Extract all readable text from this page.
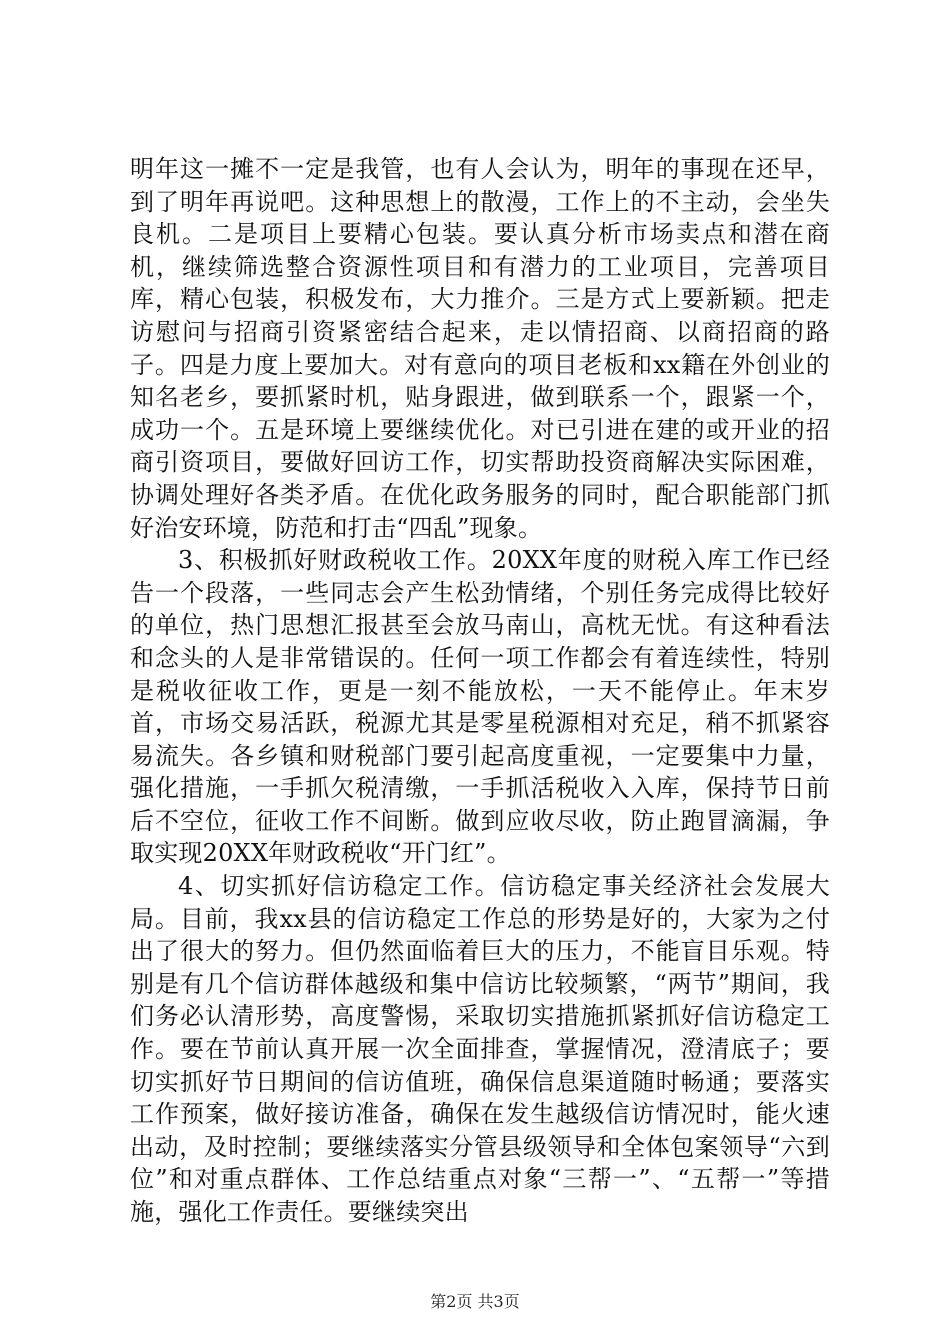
明年这一摊不一定是我管，也有人会认为，明年的事现在还早，到了明年再说吧。这种思想上的散漫，工作上的不主动，会坐失良机。二是项目上要精心包装。要认真分析市场卖点和潜在商机，继续筛选整合资源性项目和有潜力的工业项目，完善项目库，精心包装，积极发布，大力推介。三是方式上要新颖。把走访慰问与招商引资紧密结合起来，走以情招商、以商招商的路子。四是力度上要加大。对有意向的项目老板和xx籍在外创业的知名老乡，要抓紧时机，贴身跟进，做到联系一个，跟紧一个，成功一个。五是环境上要继续优化。对已引进在建的或开业的招商引资项目，要做好回访工作，切实帮助投资商解决实际困难，协调处理好各类矛盾。在优化政务服务的同时，配合职能部门抓好治安环境，防范和打击“四乱”现象。

3、积极抓好财政税收工作。20XX年度的财税入库工作已经告一个段落，一些同志会产生松劲情绪，个别任务完成得比较好的单位，热门思想汇报甚至会放马南山，高枕无忧。有这种看法和念头的人是非常错误的。任何一项工作都会有着连续性，特别是税收征收工作，更是一刻不能放松，一天不能停止。年末岁首，市场交易活跃，税源尤其是零星税源相对充足，稍不抓紧容易流失。各乡镇和财税部门要引起高度重视，一定要集中力量，强化措施，一手抓欠税清缴，一手抓活税收入入库，保持节日前后不空位，征收工作不间断。做到应收尽收，防止跑冒滴漏，争取实现20XX年财政税收“开门红”。

4、切实抓好信访稳定工作。信访稳定事关经济社会发展大局。目前，我xx县的信访稳定工作总的形势是好的，大家为之付出了很大的努力。但仍然面临着巨大的压力，不能盲目乐观。特别是有几个信访群体越级和集中信访比较频繁，“两节”期间，我们务必认清形势，高度警惕，采取切实措施抓紧抓好信访稳定工作。要在节前认真开展一次全面排查，掌握情况，澄清底子；要切实抓好节日期间的信访值班，确保信息渠道随时畅通；要落实工作预案，做好接访准备，确保在发生越级信访情况时，能火速出动，及时控制；要继续落实分管县级领导和全体包案领导“六到位”和对重点群体、工作总结重点对象“三帮一”、“五帮一”等措施，强化工作责任。要继续突出

第2页 共3页
